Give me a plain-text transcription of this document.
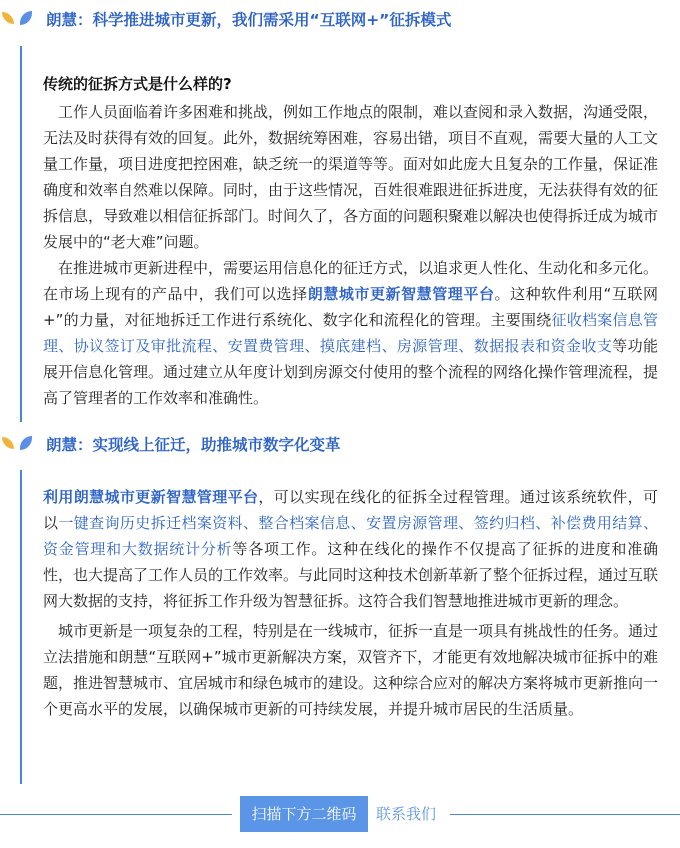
朗慧：科学推进城市更新，我们需采用“互联网+”征拆模式

传统的征拆方式是什么样的?

工作人员面临着许多困难和挑战，例如工作地点的限制，难以查阅和录入数据，沟通受限，无法及时获得有效的回复。此外，数据统筹困难，容易出错，项目不直观，需要大量的人工文量工作量，项目进度把控困难，缺乏统一的渠道等等。面对如此庞大且复杂的工作量，保证准确度和效率自然难以保障。同时，由于这些情况，百姓很难跟进征拆进度，无法获得有效的征拆信息，导致难以相信征拆部门。时间久了，各方面的问题积聚难以解决也使得拆迁成为城市发展中的“老大难”问题。

在推进城市更新进程中，需要运用信息化的征迁方式，以追求更人性化、生动化和多元化。在市场上现有的产品中，我们可以选择朗慧城市更新智慧管理平台。这种软件利用“互联网+”的力量，对征地拆迁工作进行系统化、数字化和流程化的管理。主要围绕征收档案信息管理、协议签订及审批流程、安置费管理、摸底建档、房源管理、数据报表和资金收支等功能展开信息化管理。通过建立从年度计划到房源交付使用的整个流程的网络化操作管理流程，提高了管理者的工作效率和准确性。

朗慧：实现线上征迁，助推城市数字化变革

利用朗慧城市更新智慧管理平台，可以实现在线化的征拆全过程管理。通过该系统软件，可以一键查询历史拆迁档案资料、整合档案信息、安置房源管理、签约归档、补偿费用结算、资金管理和大数据统计分析等各项工作。这种在线化的操作不仅提高了征拆的进度和准确性，也大提高了工作人员的工作效率。与此同时这种技术创新革新了整个征拆过程，通过互联网大数据的支持，将征拆工作升级为智慧征拆。这符合我们智慧地推进城市更新的理念。

城市更新是一项复杂的工程，特别是在一线城市，征拆一直是一项具有挑战性的任务。通过立法措施和朗慧“互联网+”城市更新解决方案，双管齐下，才能更有效地解决城市征拆中的难题，推进智慧城市、宜居城市和绿色城市的建设。这种综合应对的解决方案将城市更新推向一个更高水平的发展，以确保城市更新的可持续发展，并提升城市居民的生活质量。

扫描下方二维码	联系我们
